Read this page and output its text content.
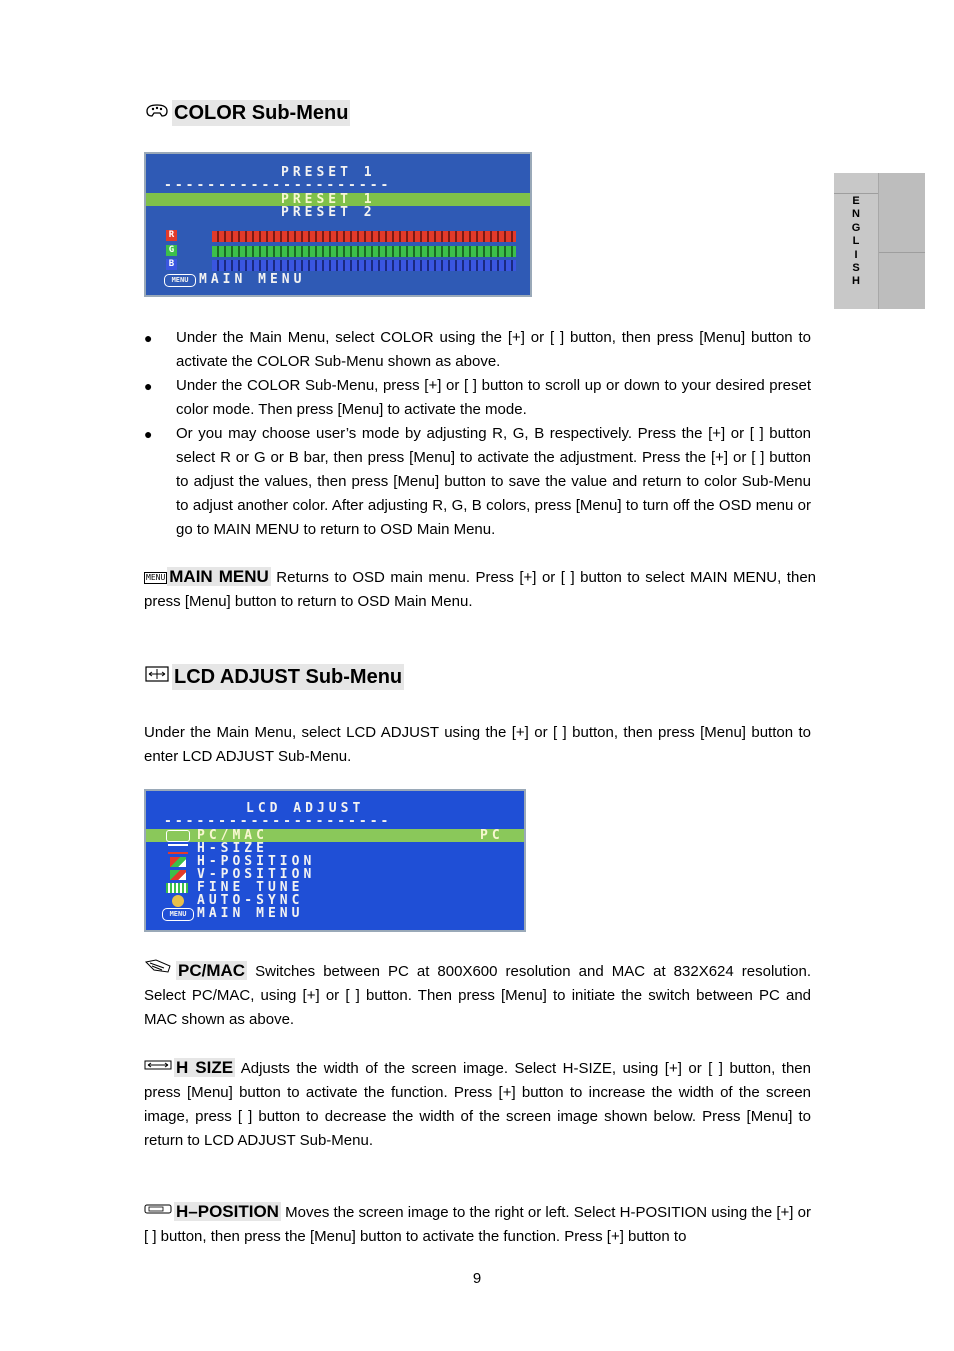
E
N
G
L
I
S
H
COLOR Sub-Menu
PRESET 1
---------------------
PRESET 1
PRESET 2
R
G
B
MENU MAIN MENU
● Under the Main Menu, select COLOR using the [+] or [ ] button, then press [Menu] button to activate the COLOR Sub-Menu shown as above.
● Under the COLOR Sub-Menu, press [+] or [ ] button to scroll up or down to your desired preset color mode. Then press [Menu] to activate the mode.
● Or you may choose user’s mode by adjusting R, G, B respectively. Press the [+] or [ ] button select R or G or B bar, then press [Menu] to activate the adjustment. Press the [+] or [ ] button to adjust the values, then press [Menu] button to save the value and return to color Sub-Menu to adjust another color. After adjusting R, G, B colors, press [Menu] to turn off the OSD menu or go to MAIN MENU to return to OSD Main Menu.
MENU MAIN MENU Returns to OSD main menu. Press [+] or [ ] button to select MAIN MENU, then press [Menu] button to return to OSD Main Menu.
LCD ADJUST Sub-Menu
Under the Main Menu, select LCD ADJUST using the [+] or [ ] button, then press [Menu] button to enter LCD ADJUST Sub-Menu.
LCD ADJUST
---------------------
PC/MAC	PC
H-SIZE
H-POSITION
V-POSITION
FINE TUNE
AUTO-SYNC
MENU MAIN MENU
PC/MAC Switches between PC at 800X600 resolution and MAC at 832X624 resolution. Select PC/MAC, using [+] or [ ] button. Then press [Menu] to initiate the switch between PC and MAC shown as above.
H SIZE Adjusts the width of the screen image. Select H-SIZE, using [+] or [ ] button, then press [Menu] button to activate the function. Press [+] button to increase the width of the screen image, press [ ] button to decrease the width of the screen image shown below. Press [Menu] to return to LCD ADJUST Sub-Menu.
H–POSITION Moves the screen image to the right or left. Select H-POSITION using the [+] or [ ] button, then press the [Menu] button to activate the function. Press [+] button to
9
